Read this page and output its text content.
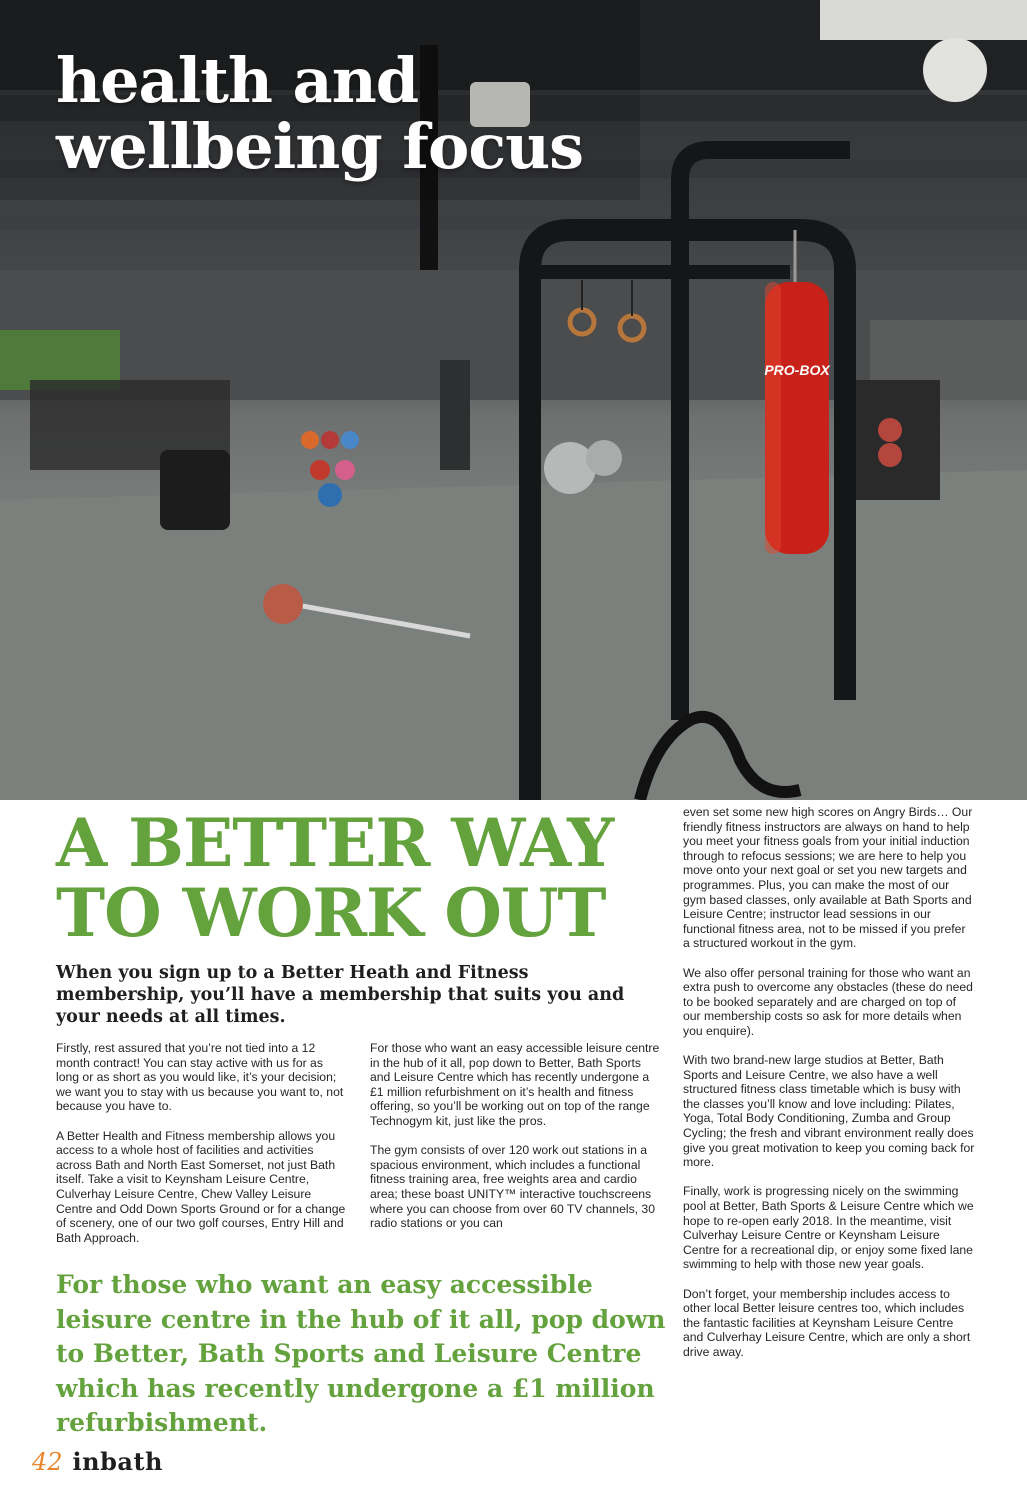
PRO-BOX
health and
wellbeing focus
A BETTER WAY
TO WORK OUT

When you sign up to a Better Heath and Fitness membership, you’ll have a membership that suits you and your needs at all times.

Firstly, rest assured that you’re not tied into a 12 month contract! You can stay active with us for as long or as short as you would like, it’s your decision; we want you to stay with us because you want to, not because you have to.

A Better Health and Fitness membership allows you access to a whole host of facilities and activities across Bath and North East Somerset, not just Bath itself. Take a visit to Keynsham Leisure Centre, Culverhay Leisure Centre, Chew Valley Leisure Centre and Odd Down Sports Ground or for a change of scenery, one of our two golf courses, Entry Hill and Bath Approach.

For those who want an easy accessible leisure centre in the hub of it all, pop down to Better, Bath Sports and Leisure Centre which has recently undergone a £1 million refurbishment on it’s health and fitness offering, so you’ll be working out on top of the range Technogym kit, just like the pros.

The gym consists of over 120 work out stations in a spacious environment, which includes a functional fitness training area, free weights area and cardio area; these boast UNITY™ interactive touchscreens where you can choose from over 60 TV channels, 30 radio stations or you can

even set some new high scores on Angry Birds… Our friendly fitness instructors are always on hand to help you meet your fitness goals from your initial induction through to refocus sessions; we are here to help you move onto your next goal or set you new targets and programmes. Plus, you can make the most of our gym based classes, only available at Bath Sports and Leisure Centre; instructor lead sessions in our functional fitness area, not to be missed if you prefer a structured workout in the gym.

We also offer personal training for those who want an extra push to overcome any obstacles (these do need to be booked separately and are charged on top of our membership costs so ask for more details when you enquire).

With two brand-new large studios at Better, Bath Sports and Leisure Centre, we also have a well structured fitness class timetable which is busy with the classes you’ll know and love including: Pilates, Yoga, Total Body Conditioning, Zumba and Group Cycling; the fresh and vibrant environment really does give you great motivation to keep you coming back for more.

Finally, work is progressing nicely on the swimming pool at Better, Bath Sports & Leisure Centre which we hope to re-open early 2018. In the meantime, visit Culverhay Leisure Centre or Keynsham Leisure Centre for a recreational dip, or enjoy some fixed lane swimming to help with those new year goals.

Don’t forget, your membership includes access to other local Better leisure centres too, which includes the fantastic facilities at Keynsham Leisure Centre and Culverhay Leisure Centre, which are only a short drive away.

For those who want an easy accessible leisure centre in the hub of it all, pop down to Better, Bath Sports and Leisure Centre which has recently undergone a £1 million refurbishment.

42 inbath
